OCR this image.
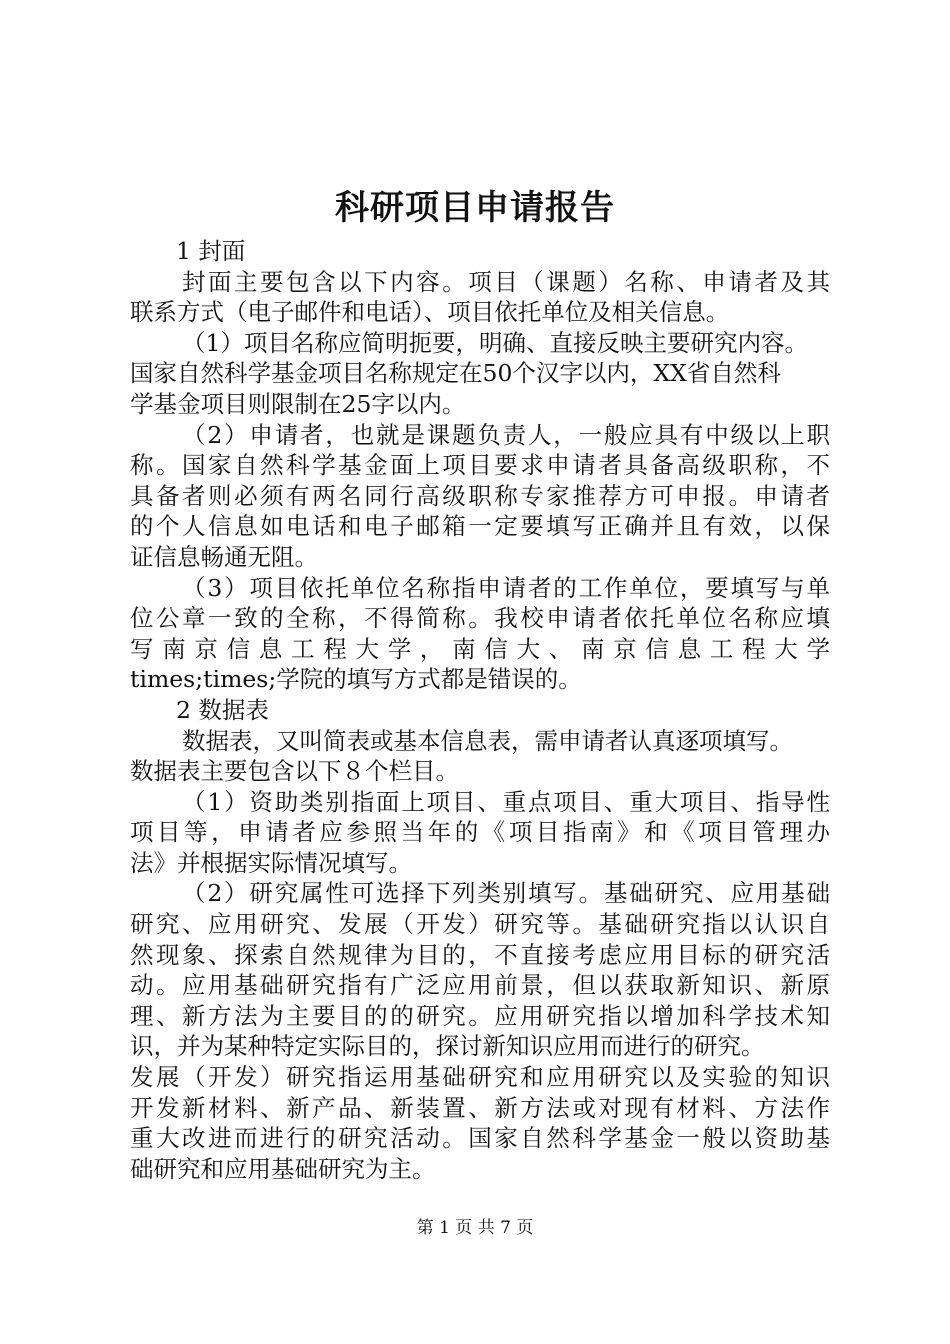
科研项目申请报告
1 封面
封面主要包含以下内容。项目（课题）名称、申请者及其
联系方式（电子邮件和电话）、项目依托单位及相关信息。
（1）项目名称应简明扼要，明确、直接反映主要研究内容。
国家自然科学基金项目名称规定在50个汉字以内，XX省自然科
学基金项目则限制在25字以内。
（2）申请者，也就是课题负责人，一般应具有中级以上职
称。国家自然科学基金面上项目要求申请者具备高级职称，不
具备者则必须有两名同行高级职称专家推荐方可申报。申请者
的个人信息如电话和电子邮箱一定要填写正确并且有效，以保
证信息畅通无阻。
（3）项目依托单位名称指申请者的工作单位，要填写与单
位公章一致的全称，不得简称。我校申请者依托单位名称应填
写 南 京 信 息 工 程 大 学 ， 南 信 大 、 南 京 信 息 工 程 大 学
times;times;学院的填写方式都是错误的。
2 数据表
数据表，又叫简表或基本信息表，需申请者认真逐项填写。
数据表主要包含以下８个栏目。
（1）资助类别指面上项目、重点项目、重大项目、指导性
项目等，申请者应参照当年的《项目指南》和《项目管理办
法》并根据实际情况填写。
（2）研究属性可选择下列类别填写。基础研究、应用基础
研究、应用研究、发展（开发）研究等。基础研究指以认识自
然现象、探索自然规律为目的，不直接考虑应用目标的研究活
动。应用基础研究指有广泛应用前景，但以获取新知识、新原
理、新方法为主要目的的研究。应用研究指以增加科学技术知
识，并为某种特定实际目的，探讨新知识应用而进行的研究。
发展（开发）研究指运用基础研究和应用研究以及实验的知识
开发新材料、新产品、新装置、新方法或对现有材料、方法作
重大改进而进行的研究活动。国家自然科学基金一般以资助基
础研究和应用基础研究为主。
第 1 页 共 7 页
